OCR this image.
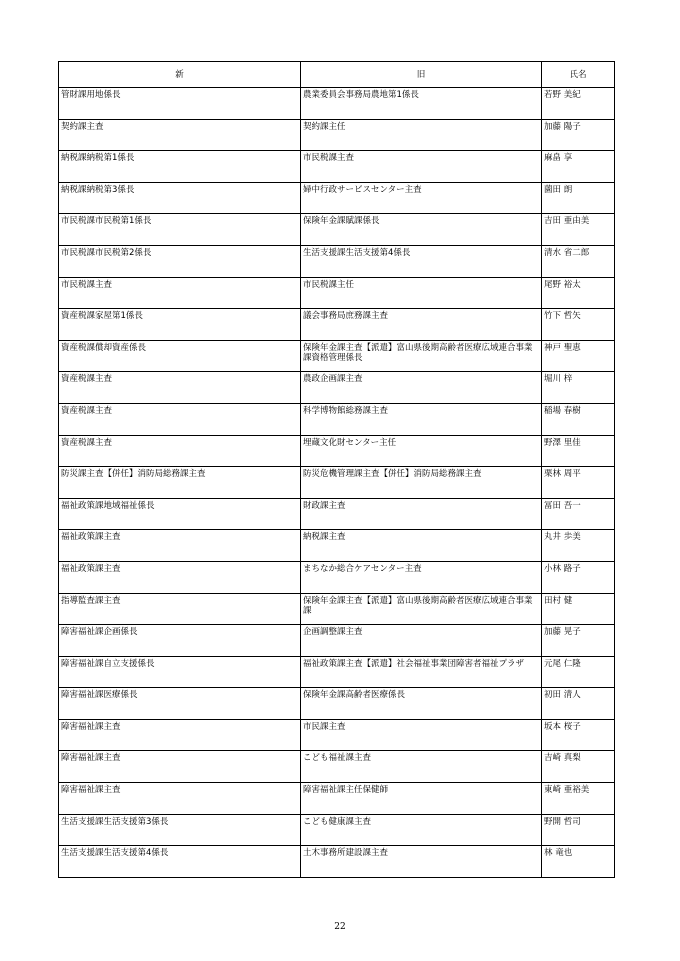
新	旧	氏名
管財課用地係長	農業委員会事務局農地第1係長	若野 美紀
契約課主査	契約課主任	加藤 陽子
納税課納税第1係長	市民税課主査	麻畠 享
納税課納税第3係長	婦中行政サービスセンター主査	薗田 朗
市民税課市民税第1係長	保険年金課賦課係長	吉田 亜由美
市民税課市民税第2係長	生活支援課生活支援第4係長	清水 省二郎
市民税課主査	市民税課主任	尾野 裕太
資産税課家屋第1係長	議会事務局庶務課主査	竹下 哲矢
資産税課償却資産係長	保険年金課主査【派遣】富山県後期高齢者医療広域連合事業課資格管理係長	神戸 聖恵
資産税課主査	農政企画課主査	堀川 梓
資産税課主査	科学博物館総務課主査	稲場 春樹
資産税課主査	埋蔵文化財センター主任	野澤 里佳
防災課主査【併任】消防局総務課主査	防災危機管理課主査【併任】消防局総務課主査	栗林 周平
福祉政策課地域福祉係長	財政課主査	冨田 吾一
福祉政策課主査	納税課主査	丸井 歩美
福祉政策課主査	まちなか総合ケアセンター主査	小林 路子
指導監査課主査	保険年金課主査【派遣】富山県後期高齢者医療広域連合事業課	田村 健
障害福祉課企画係長	企画調整課主査	加藤 晃子
障害福祉課自立支援係長	福祉政策課主査【派遣】社会福祉事業団障害者福祉プラザ	元尾 仁隆
障害福祉課医療係長	保険年金課高齢者医療係長	初田 清人
障害福祉課主査	市民課主査	坂本 桜子
障害福祉課主査	こども福祉課主査	吉崎 真梨
障害福祉課主査	障害福祉課主任保健師	東崎 亜裕美
生活支援課生活支援第3係長	こども健康課主査	野開 哲司
生活支援課生活支援第4係長	土木事務所建設課主査	林 竜也
22
